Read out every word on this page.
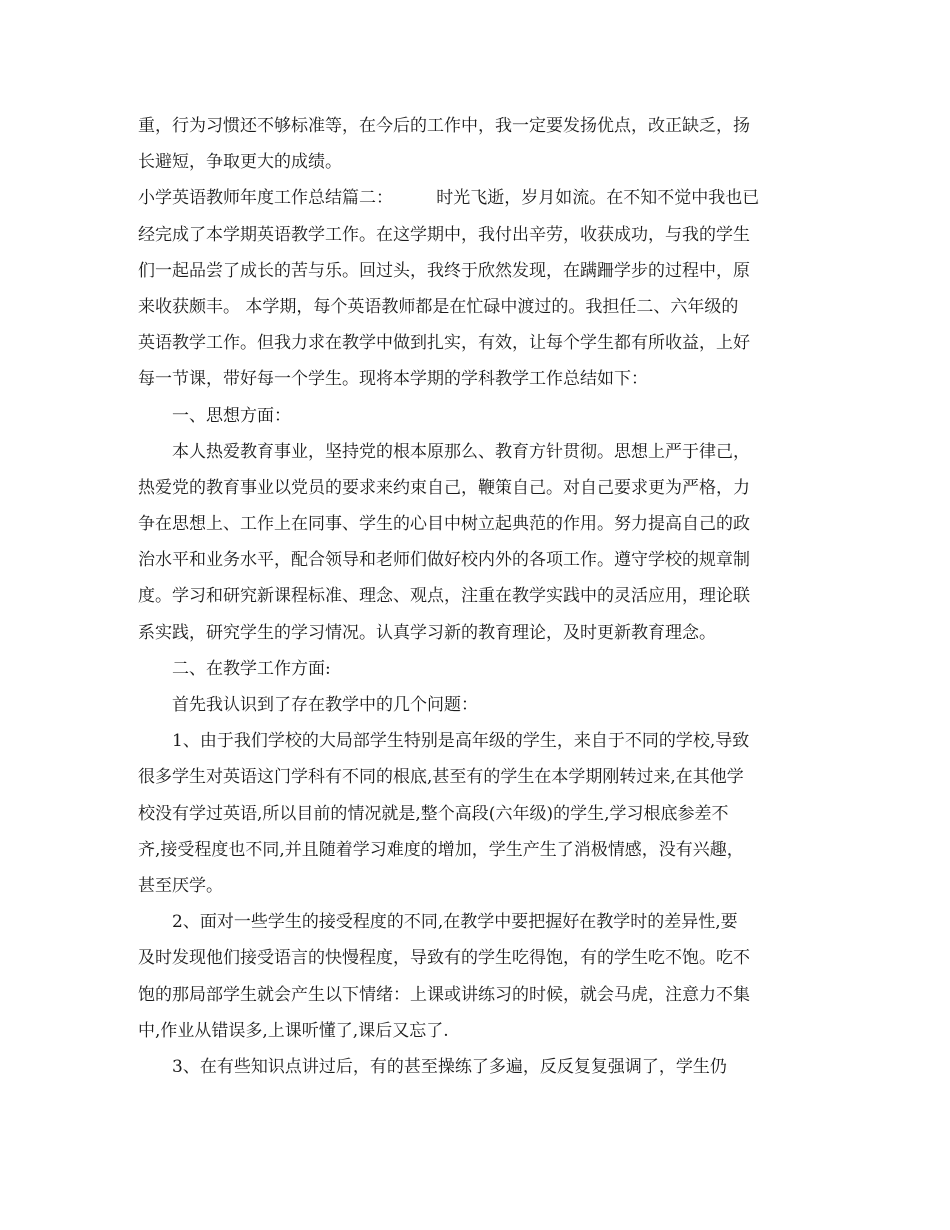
重，行为习惯还不够标准等，在今后的工作中，我一定要发扬优点，改正缺乏，扬
长避短，争取更大的成绩。
小学英语教师年度工作总结篇二：        时光飞逝，岁月如流。在不知不觉中我也已
经完成了本学期英语教学工作。在这学期中，我付出辛劳，收获成功，与我的学生
们一起品尝了成长的苦与乐。回过头，我终于欣然发现，在蹒跚学步的过程中，原
来收获颇丰。 本学期，每个英语教师都是在忙碌中渡过的。我担任二、六年级的
英语教学工作。但我力求在教学中做到扎实，有效，让每个学生都有所收益，上好
每一节课，带好每一个学生。现将本学期的学科教学工作总结如下：
一、思想方面：
本人热爱教育事业，坚持党的根本原那么、教育方针贯彻。思想上严于律己，
热爱党的教育事业以党员的要求来约束自己，鞭策自己。对自己要求更为严格，力
争在思想上、工作上在同事、学生的心目中树立起典范的作用。努力提高自己的政
治水平和业务水平，配合领导和老师们做好校内外的各项工作。遵守学校的规章制
度。学习和研究新课程标准、理念、观点，注重在教学实践中的灵活应用，理论联
系实践，研究学生的学习情况。认真学习新的教育理论，及时更新教育理念。
二、在教学工作方面:
首先我认识到了存在教学中的几个问题：
1、由于我们学校的大局部学生特别是高年级的学生，来自于不同的学校,导致
很多学生对英语这门学科有不同的根底,甚至有的学生在本学期刚转过来,在其他学
校没有学过英语,所以目前的情况就是,整个高段(六年级)的学生,学习根底参差不
齐,接受程度也不同,并且随着学习难度的增加，学生产生了消极情感，没有兴趣，
甚至厌学。
2、面对一些学生的接受程度的不同,在教学中要把握好在教学时的差异性,要
及时发现他们接受语言的快慢程度，导致有的学生吃得饱，有的学生吃不饱。吃不
饱的那局部学生就会产生以下情绪：上课或讲练习的时候，就会马虎，注意力不集
中,作业从错误多,上课听懂了,课后又忘了.
3、在有些知识点讲过后，有的甚至操练了多遍，反反复复强调了，学生仍
